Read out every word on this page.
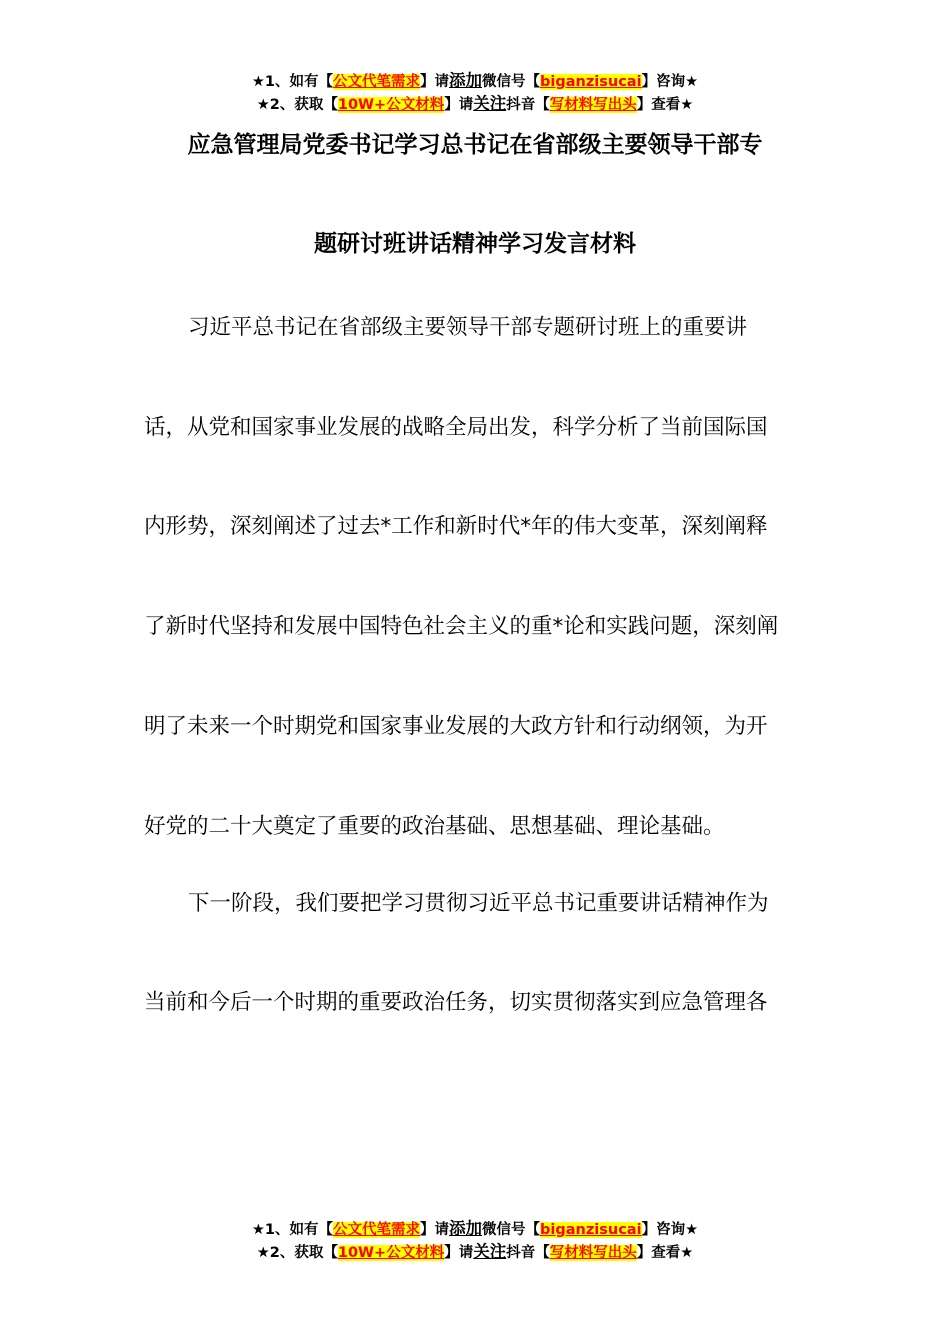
★1、如有【公文代笔需求】请添加微信号【biganzisucai】咨询★
★2、获取【10W+公文材料】请关注抖音【写材料写出头】查看★
应急管理局党委书记学习总书记在省部级主要领导干部专
题研讨班讲话精神学习发言材料
习近平总书记在省部级主要领导干部专题研讨班上的重要讲
话，从党和国家事业发展的战略全局出发，科学分析了当前国际国
内形势，深刻阐述了过去*工作和新时代*年的伟大变革，深刻阐释
了新时代坚持和发展中国特色社会主义的重*论和实践问题，深刻阐
明了未来一个时期党和国家事业发展的大政方针和行动纲领，为开
好党的二十大奠定了重要的政治基础、思想基础、理论基础。
下一阶段，我们要把学习贯彻习近平总书记重要讲话精神作为
当前和今后一个时期的重要政治任务，切实贯彻落实到应急管理各
★1、如有【公文代笔需求】请添加微信号【biganzisucai】咨询★
★2、获取【10W+公文材料】请关注抖音【写材料写出头】查看★
